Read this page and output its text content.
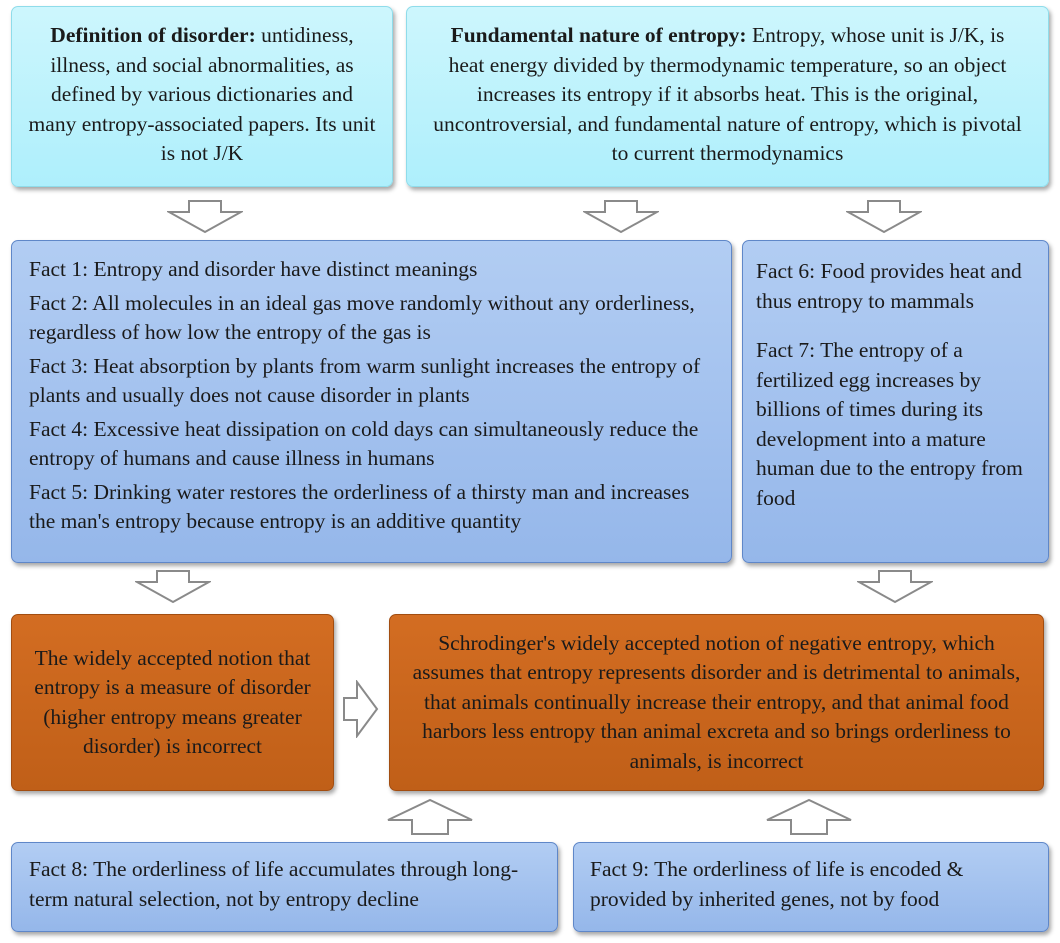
Definition of disorder: untidiness, illness, and social abnormalities, as defined by various dictionaries and many entropy-associated papers. Its unit is not J/K
Fundamental nature of entropy: Entropy, whose unit is J/K, is heat energy divided by thermodynamic temperature, so an object increases its entropy if it absorbs heat. This is the original, uncontroversial, and fundamental nature of entropy, which is pivotal to current thermodynamics
Fact 1: Entropy and disorder have distinct meanings
Fact 2: All molecules in an ideal gas move randomly without any orderliness, regardless of how low the entropy of the gas is
Fact 3: Heat absorption by plants from warm sunlight increases the entropy of plants and usually does not cause disorder in plants
Fact 4: Excessive heat dissipation on cold days can simultaneously reduce the entropy of humans and cause illness in humans
Fact 5: Drinking water restores the orderliness of a thirsty man and increases the man's entropy because entropy is an additive quantity
Fact 6: Food provides heat and thus entropy to mammals
Fact 7: The entropy of a fertilized egg increases by billions of times during its development into a mature human due to the entropy from food
The widely accepted notion that entropy is a measure of disorder (higher entropy means greater disorder) is incorrect
Schrodinger's widely accepted notion of negative entropy, which assumes that entropy represents disorder and is detrimental to animals, that animals continually increase their entropy, and that animal food harbors less entropy than animal excreta and so brings orderliness to animals, is incorrect
Fact 8: The orderliness of life accumulates through long-term natural selection, not by entropy decline
Fact 9: The orderliness of life is encoded & provided by inherited genes, not by food
